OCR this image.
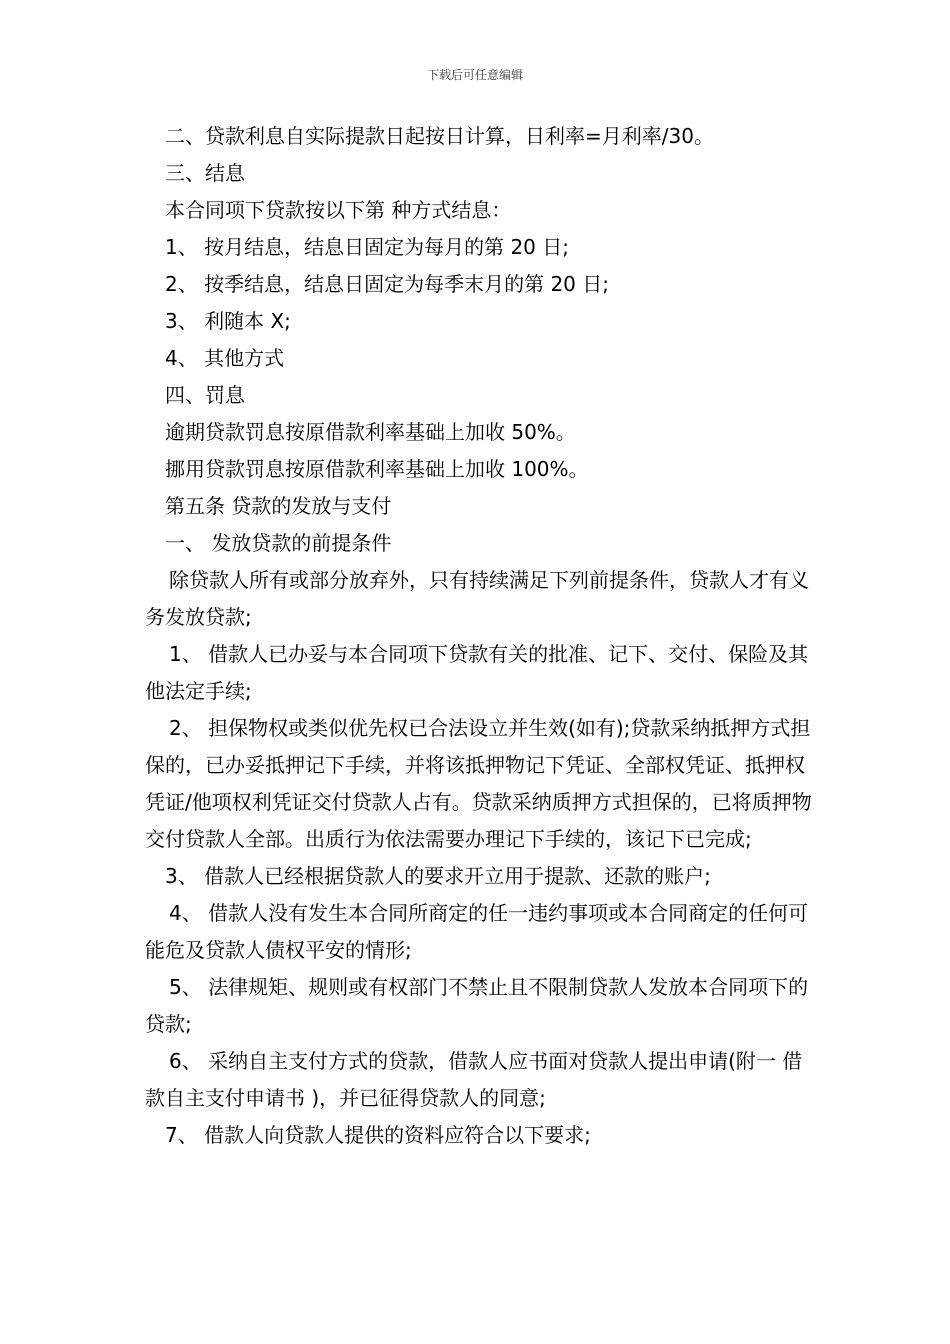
下载后可任意编辑
二、贷款利息自实际提款日起按日计算，日利率=月利率/30。
三、结息
本合同项下贷款按以下第 种方式结息：
1、 按月结息，结息日固定为每月的第 20 日;
2、 按季结息，结息日固定为每季末月的第 20 日;
3、 利随本 X;
4、 其他方式
四、罚息
逾期贷款罚息按原借款利率基础上加收 50%。
挪用贷款罚息按原借款利率基础上加收 100%。
第五条 贷款的发放与支付
一、 发放贷款的前提条件
除贷款人所有或部分放弃外，只有持续满足下列前提条件，贷款人才有义务发放贷款;
1、 借款人已办妥与本合同项下贷款有关的批准、记下、交付、保险及其他法定手续;
2、 担保物权或类似优先权已合法设立并生效(如有);贷款采纳抵押方式担保的，已办妥抵押记下手续，并将该抵押物记下凭证、全部权凭证、抵押权凭证/他项权利凭证交付贷款人占有。贷款采纳质押方式担保的，已将质押物交付贷款人全部。出质行为依法需要办理记下手续的，该记下已完成;
3、 借款人已经根据贷款人的要求开立用于提款、还款的账户;
4、 借款人没有发生本合同所商定的任一违约事项或本合同商定的任何可能危及贷款人债权平安的情形;
5、 法律规矩、规则或有权部门不禁止且不限制贷款人发放本合同项下的贷款;
6、 采纳自主支付方式的贷款，借款人应书面对贷款人提出申请(附一 借款自主支付申请书 )，并已征得贷款人的同意;
7、 借款人向贷款人提供的资料应符合以下要求;
